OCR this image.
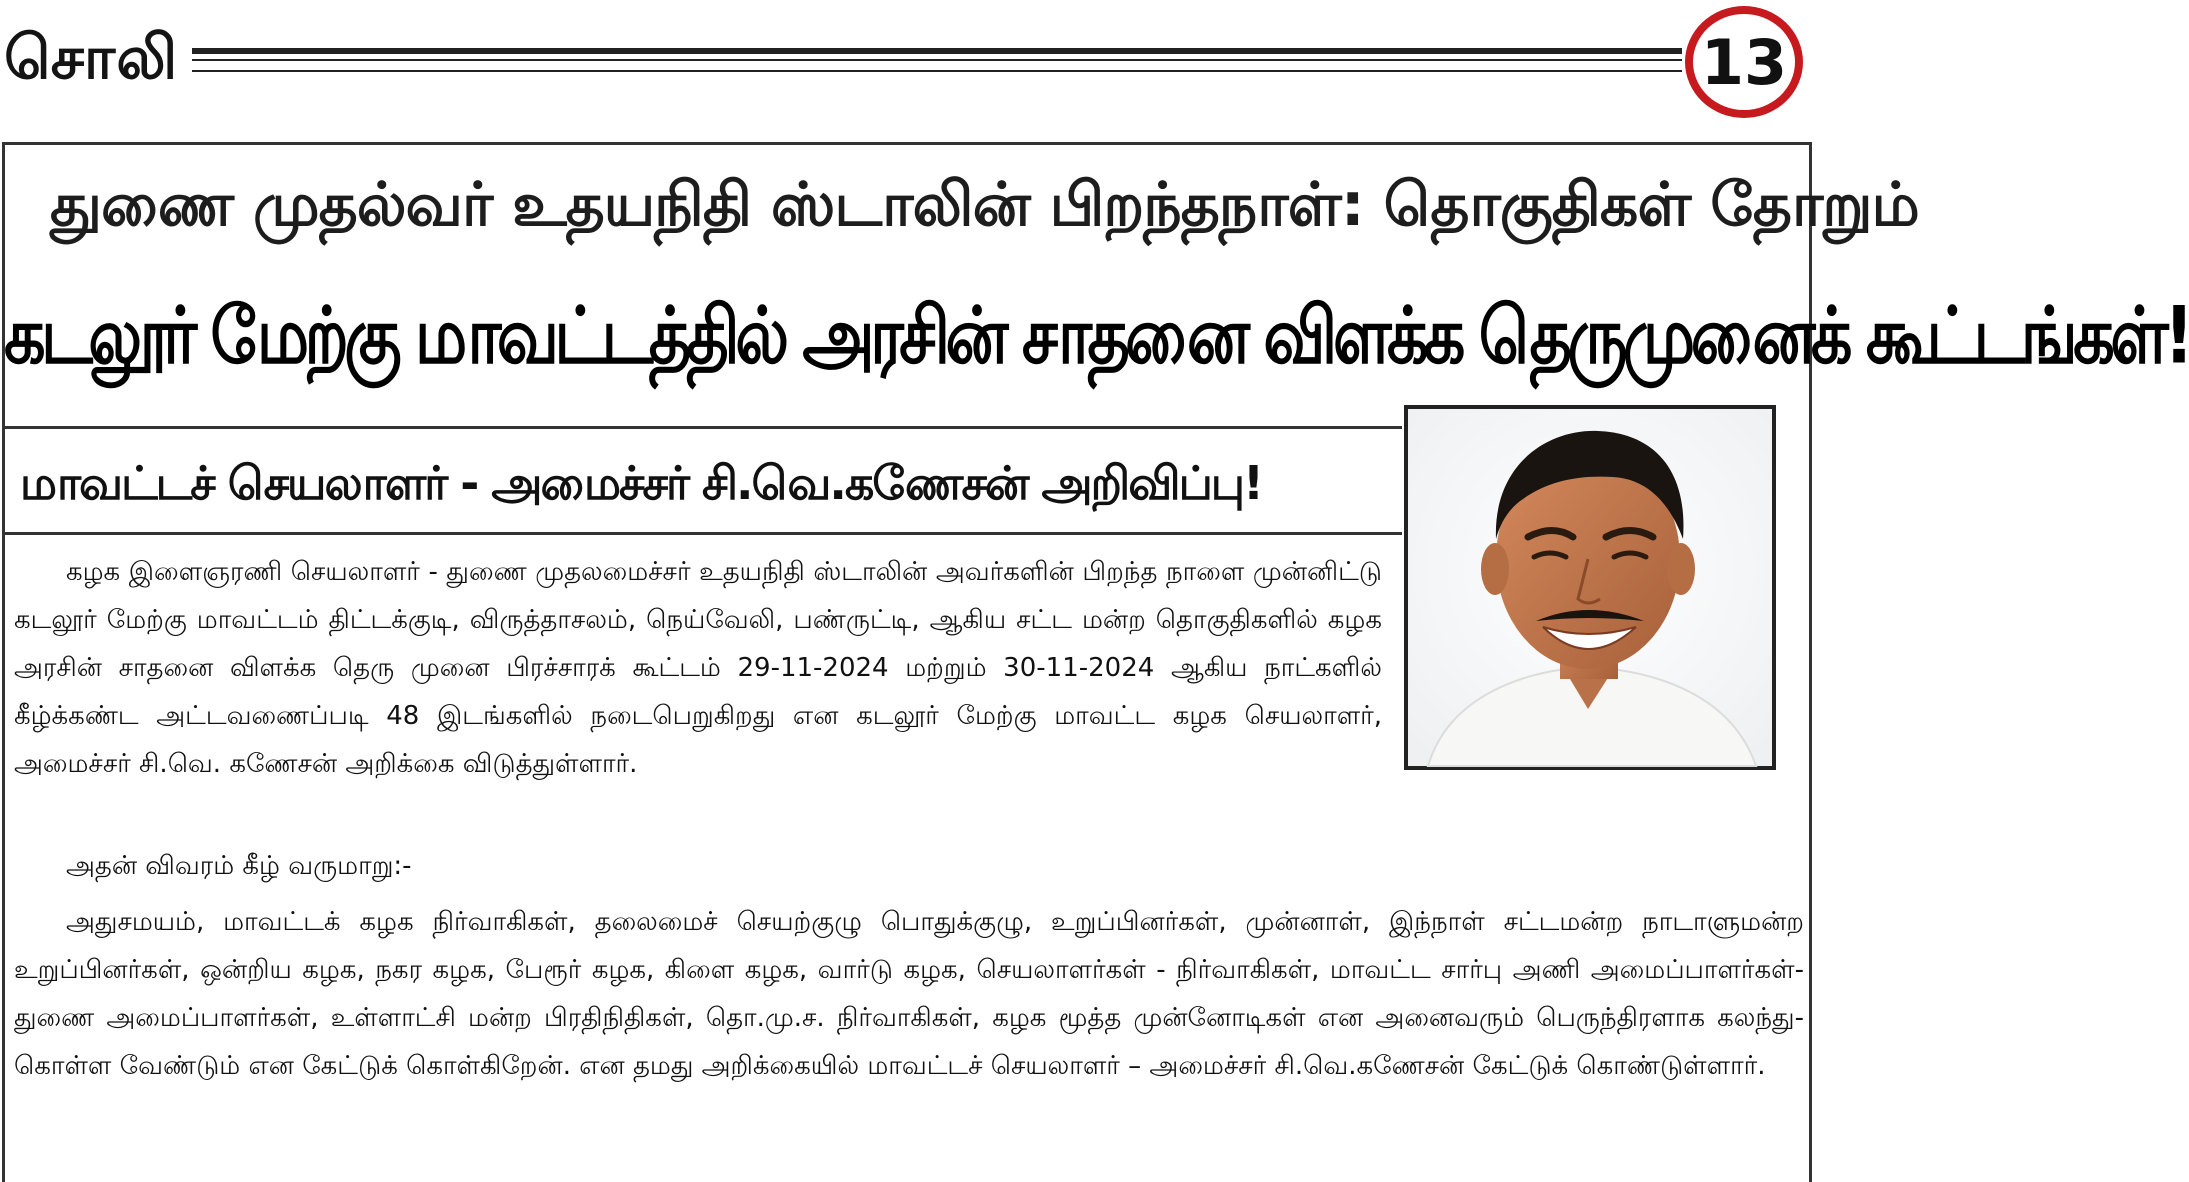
சொலி	13
துணை முதல்வர் உதயநிதி ஸ்டாலின் பிறந்தநாள்: தொகுதிகள் தோறும்
கடலூர் மேற்கு மாவட்டத்தில் அரசின் சாதனை விளக்க தெருமுனைக் கூட்டங்கள்!
மாவட்டச் செயலாளர் - அமைச்சர் சி.வெ.கணேசன் அறிவிப்பு!

கழக இளைஞரணி செயலாளர் - துணை முதலமைச்சர் உதயநிதி ஸ்டாலின் அவர்களின் பிறந்த நாளை முன்னிட்டு கடலூர் மேற்கு மாவட்டம் திட்டக்குடி, விருத்தாசலம், நெய்வேலி, பண்ருட்டி, ஆகிய சட்ட மன்ற தொகுதிகளில் கழக அரசின் சாதனை விளக்க தெரு முனை பிரச்சாரக் கூட்டம் 29-11-2024 மற்றும் 30-11-2024 ஆகிய நாட்களில் கீழ்க்கண்ட அட்டவணைப்படி 48 இடங்களில் நடைபெறுகிறது என கடலூர் மேற்கு மாவட்ட கழக செயலாளர், அமைச்சர் சி.வெ. கணேசன் அறிக்கை விடுத்துள்ளார்.

அதன் விவரம் கீழ் வருமாறு:-

அதுசமயம், மாவட்டக் கழக நிர்வாகிகள், தலைமைச் செயற்குழு பொதுக்குழு, உறுப்பினர்கள், முன்னாள், இந்நாள் சட்டமன்ற நாடாளுமன்ற உறுப்பினர்கள், ஒன்றிய கழக, நகர கழக, பேரூர் கழக, கிளை கழக, வார்டு கழக, செயலாளர்கள் - நிர்வாகிகள், மாவட்ட சார்பு அணி அமைப்பாளர்கள்-துணை அமைப்பாளர்கள், உள்ளாட்சி மன்ற பிரதிநிதிகள், தொ.மு.ச. நிர்வாகிகள், கழக மூத்த முன்னோடிகள் என அனைவரும் பெருந்திரளாக கலந்து-கொள்ள வேண்டும் என கேட்டுக் கொள்கிறேன். என தமது அறிக்கையில் மாவட்டச் செயலாளர் – அமைச்சர் சி.வெ.கணேசன் கேட்டுக் கொண்டுள்ளார்.
